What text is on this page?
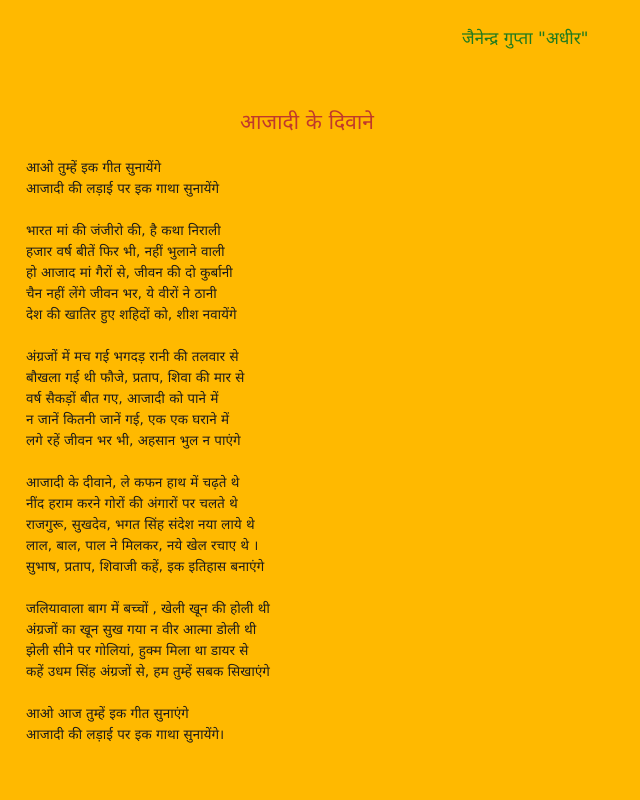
जैनेन्द्र गुप्ता "अधीर"
आजादी के दिवाने
आओ तुम्हें इक गीत सुनायेंगे
आजादी की लड़ाई पर इक गाथा सुनायेंगे
भारत मां की जंजीरो की, है कथा निराली
हजार वर्ष बीतें फिर भी, नहीं भुलाने वाली
हो आजाद मां गैरों से, जीवन की दो कुर्बानी
चैन नहीं लेंगे जीवन भर, ये वीरों ने ठानी
देश की खातिर हुए शहिदों को, शीश नवायेंगे
अंग्रजों में मच गई भगदड़ रानी की तलवार से
बौखला गई थी फौजे, प्रताप, शिवा की मार से
वर्ष सैकड़ों बीत गए, आजादी को पाने में
न जानें कितनी जानें गई, एक एक घराने में
लगे रहें जीवन भर भी, अहसान भुल न पाएंगे
आजादी के दीवाने, ले कफन हाथ में चढ़ते थे
नींद हराम करने गोरों की अंगारों पर चलते थे
राजगुरू, सुखदेव, भगत सिंह संदेश नया लाये थे
लाल, बाल, पाल ने मिलकर, नये खेल रचाए थे ।
सुभाष, प्रताप, शिवाजी कहें, इक इतिहास बनाएंगे
जलियावाला बाग में बच्चों , खेली खून की होली थी
अंग्रजों का खून सुख गया न वीर आत्मा डोली थी
झेली सीने पर गोलियां, हुक्म मिला था डायर से
कहें उधम सिंह अंग्रजों से, हम तुम्हें सबक सिखाएंगे
आओ आज तुम्हें इक गीत सुनाएंगे
आजादी की लड़ाई पर इक गाथा सुनायेंगे।
